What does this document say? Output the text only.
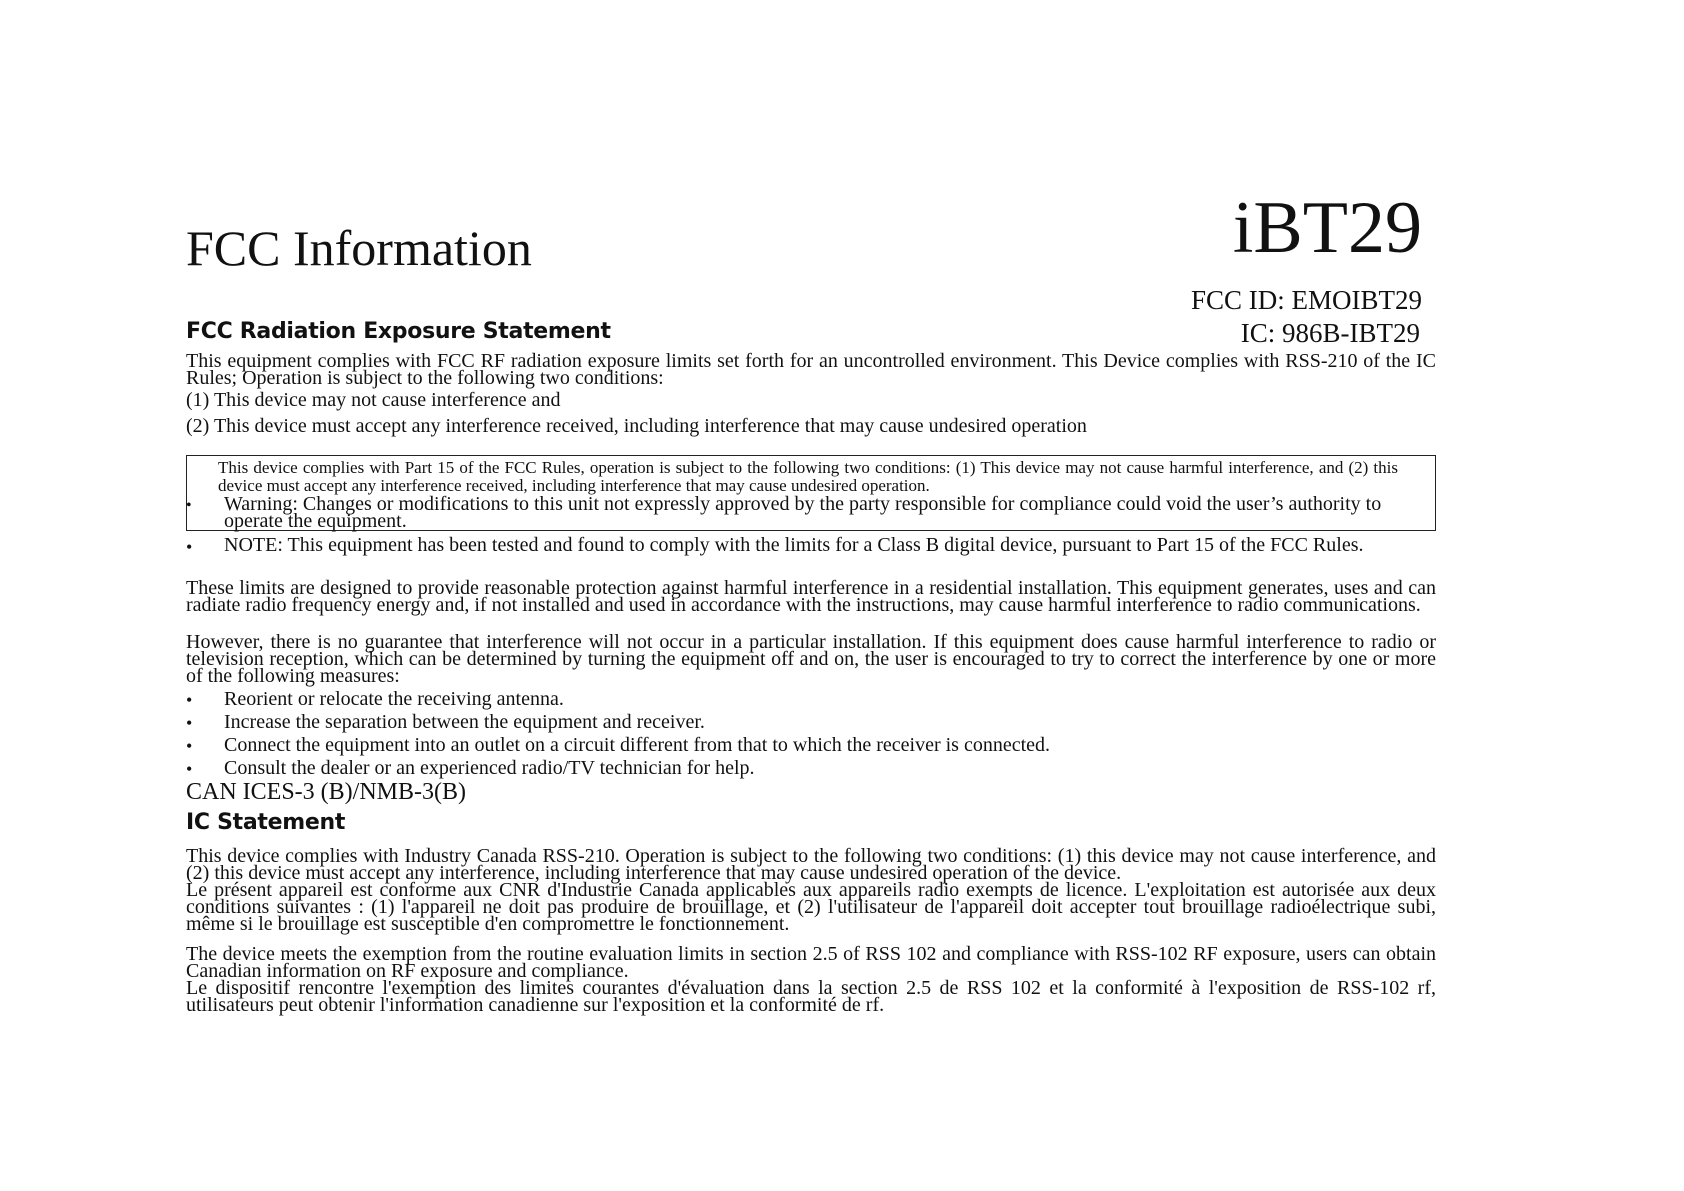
iBT29
FCC ID: EMOIBT29
IC: 986B-IBT29
FCC Information
FCC Radiation Exposure Statement
This equipment complies with FCC RF radiation exposure limits set forth for an uncontrolled environment. This Device complies with RSS-210 of the IC Rules; Operation is subject to the following two conditions:
(1) This device may not cause interference and
(2) This device must accept any interference received, including interference that may cause undesired operation
This device complies with Part 15 of the FCC Rules, operation is subject to the following two conditions: (1) This device may not cause harmful interference, and (2) this device must accept any interference received, including interference that may cause undesired operation.
• Warning: Changes or modifications to this unit not expressly approved by the party responsible for compliance could void the user’s authority to operate the equipment.
• NOTE: This equipment has been tested and found to comply with the limits for a Class B digital device, pursuant to Part 15 of the FCC Rules.
These limits are designed to provide reasonable protection against harmful interference in a residential installation. This equipment generates, uses and can radiate radio frequency energy and, if not installed and used in accordance with the instructions, may cause harmful interference to radio communications.
However, there is no guarantee that interference will not occur in a particular installation. If this equipment does cause harmful interference to radio or television reception, which can be determined by turning the equipment off and on, the user is encouraged to try to correct the interference by one or more of the following measures:
• Reorient or relocate the receiving antenna.
• Increase the separation between the equipment and receiver.
• Connect the equipment into an outlet on a circuit different from that to which the receiver is connected.
• Consult the dealer or an experienced radio/TV technician for help.
CAN ICES-3 (B)/NMB-3(B)
IC Statement
This device complies with Industry Canada RSS-210. Operation is subject to the following two conditions: (1) this device may not cause interference, and (2) this device must accept any interference, including interference that may cause undesired operation of the device.
Le présent appareil est conforme aux CNR d'Industrie Canada applicables aux appareils radio exempts de licence. L'exploitation est autorisée aux deux conditions suivantes : (1) l'appareil ne doit pas produire de brouillage, et (2) l'utilisateur de l'appareil doit accepter tout brouillage radioélectrique subi, même si le brouillage est susceptible d'en compromettre le fonctionnement.
The device meets the exemption from the routine evaluation limits in section 2.5 of RSS 102 and compliance with RSS-102 RF exposure, users can obtain Canadian information on RF exposure and compliance.
Le dispositif rencontre l'exemption des limites courantes d'évaluation dans la section 2.5 de RSS 102 et la conformité à l'exposition de RSS-102 rf, utilisateurs peut obtenir l'information canadienne sur l'exposition et la conformité de rf.
